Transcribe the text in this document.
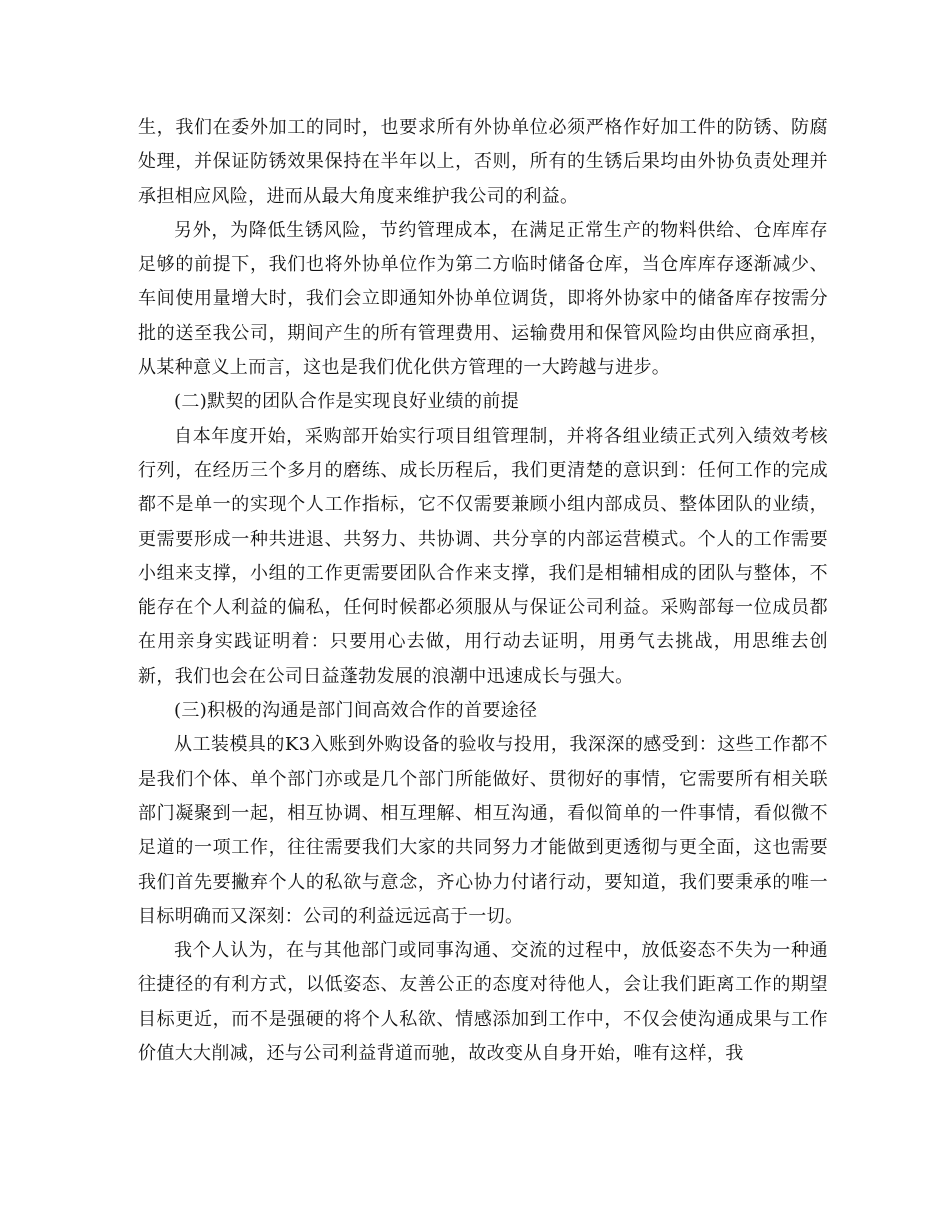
生，我们在委外加工的同时，也要求所有外协单位必须严格作好加工件的防锈、防腐处理，并保证防锈效果保持在半年以上，否则，所有的生锈后果均由外协负责处理并承担相应风险，进而从最大角度来维护我公司的利益。

另外，为降低生锈风险，节约管理成本，在满足正常生产的物料供给、仓库库存足够的前提下，我们也将外协单位作为第二方临时储备仓库，当仓库库存逐渐减少、车间使用量增大时，我们会立即通知外协单位调货，即将外协家中的储备库存按需分批的送至我公司，期间产生的所有管理费用、运输费用和保管风险均由供应商承担，从某种意义上而言，这也是我们优化供方管理的一大跨越与进步。

(二)默契的团队合作是实现良好业绩的前提

自本年度开始，采购部开始实行项目组管理制，并将各组业绩正式列入绩效考核行列，在经历三个多月的磨练、成长历程后，我们更清楚的意识到：任何工作的完成都不是单一的实现个人工作指标，它不仅需要兼顾小组内部成员、整体团队的业绩，更需要形成一种共进退、共努力、共协调、共分享的内部运营模式。个人的工作需要小组来支撑，小组的工作更需要团队合作来支撑，我们是相辅相成的团队与整体，不能存在个人利益的偏私，任何时候都必须服从与保证公司利益。采购部每一位成员都在用亲身实践证明着：只要用心去做，用行动去证明，用勇气去挑战，用思维去创新，我们也会在公司日益蓬勃发展的浪潮中迅速成长与强大。

(三)积极的沟通是部门间高效合作的首要途径

从工装模具的K3入账到外购设备的验收与投用，我深深的感受到：这些工作都不是我们个体、单个部门亦或是几个部门所能做好、贯彻好的事情，它需要所有相关联部门凝聚到一起，相互协调、相互理解、相互沟通，看似简单的一件事情，看似微不足道的一项工作，往往需要我们大家的共同努力才能做到更透彻与更全面，这也需要我们首先要撇弃个人的私欲与意念，齐心协力付诸行动，要知道，我们要秉承的唯一目标明确而又深刻：公司的利益远远高于一切。

我个人认为，在与其他部门或同事沟通、交流的过程中，放低姿态不失为一种通往捷径的有利方式，以低姿态、友善公正的态度对待他人，会让我们距离工作的期望目标更近，而不是强硬的将个人私欲、情感添加到工作中，不仅会使沟通成果与工作价值大大削减，还与公司利益背道而驰，故改变从自身开始，唯有这样，我
